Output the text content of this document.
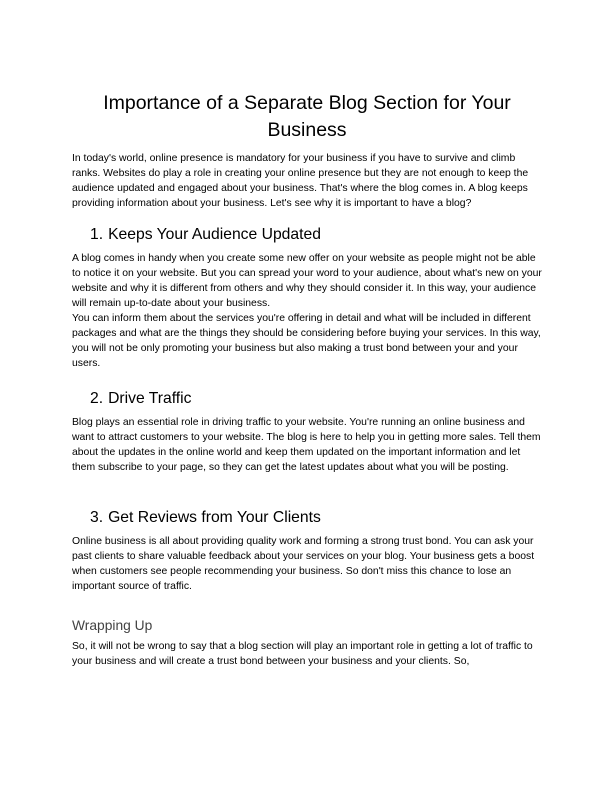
Importance of a Separate Blog Section for Your Business

In today's world, online presence is mandatory for your business if you have to survive and climb ranks. Websites do play a role in creating your online presence but they are not enough to keep the audience updated and engaged about your business. That's where the blog comes in. A blog keeps providing information about your business. Let's see why it is important to have a blog?

1. Keeps Your Audience Updated

A blog comes in handy when you create some new offer on your website as people might not be able to notice it on your website. But you can spread your word to your audience, about what's new on your website and why it is different from others and why they should consider it. In this way, your audience will remain up-to-date about your business.

You can inform them about the services you're offering in detail and what will be included in different packages and what are the things they should be considering before buying your services. In this way, you will not be only promoting your business but also making a trust bond between your and your users.

2. Drive Traffic

Blog plays an essential role in driving traffic to your website. You're running an online business and want to attract customers to your website. The blog is here to help you in getting more sales. Tell them about the updates in the online world and keep them updated on the important information and let them subscribe to your page, so they can get the latest updates about what you will be posting.

3. Get Reviews from Your Clients

Online business is all about providing quality work and forming a strong trust bond. You can ask your past clients to share valuable feedback about your services on your blog. Your business gets a boost when customers see people recommending your business. So don't miss this chance to lose an important source of traffic.

Wrapping Up

So, it will not be wrong to say that a blog section will play an important role in getting a lot of traffic to your business and will create a trust bond between your business and your clients. So,
